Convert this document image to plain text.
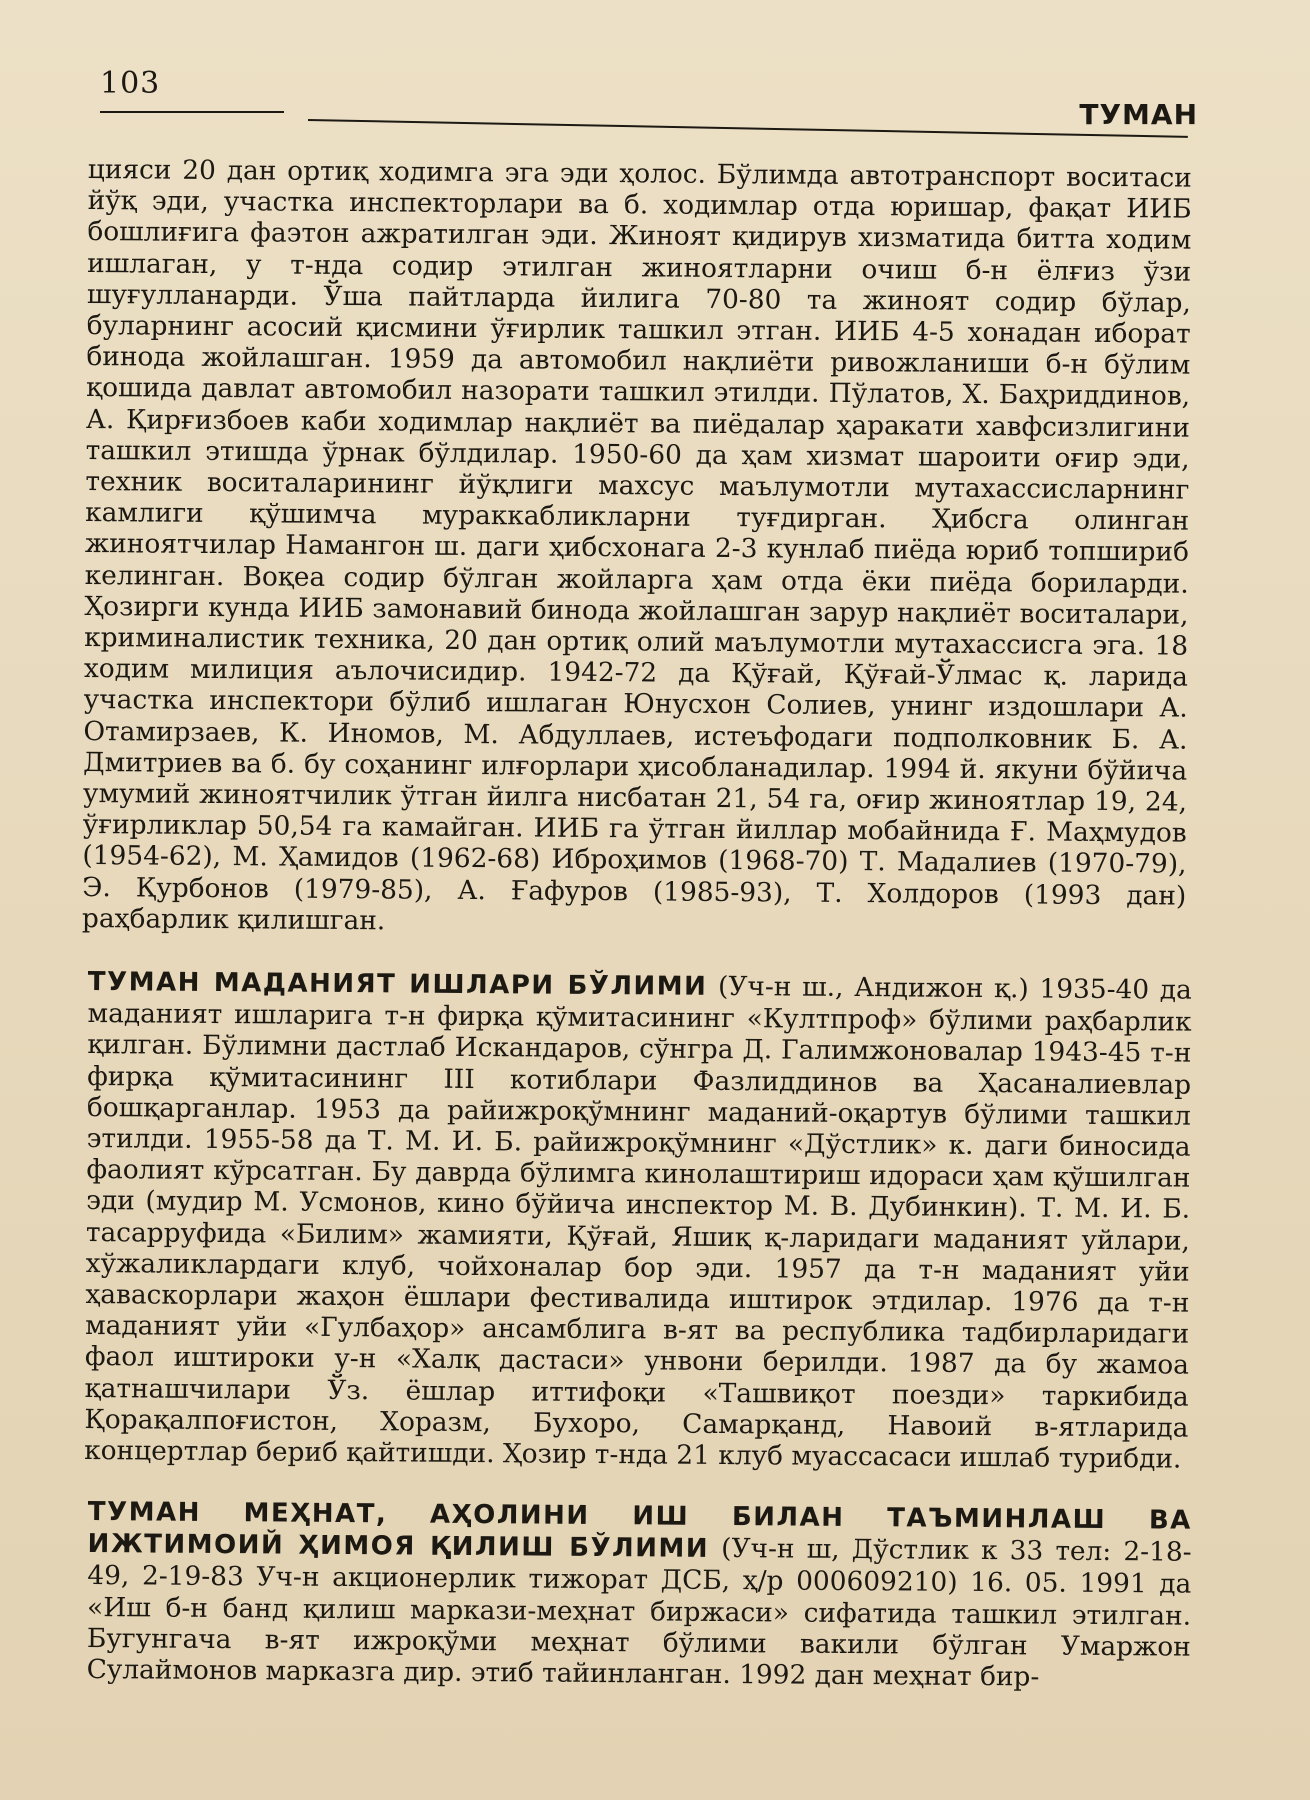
103
ТУМАН

цияси 20 дан ортиқ ходимга эга эди ҳолос. Бўлимда автотранспорт воситаси йўқ эди, участка инспекторлари ва б. ходимлар отда юришар, фақат ИИБ бошлиғига фаэтон ажратилган эди. Жиноят қидирув хизматида битта ходим ишлаган, у т-нда содир этилган жиноятларни очиш б-н ёлғиз ўзи шуғулланарди. Ўша пайтларда йилига 70-80 та жиноят содир бўлар, буларнинг асосий қисмини ўғирлик ташкил этган. ИИБ 4-5 хонадан иборат бинода жойлашган. 1959 да автомобил нақлиёти ривожланиши б-н бўлим қошида давлат автомобил назорати ташкил этилди. Пўлатов, Х. Баҳриддинов, А. Қирғизбоев каби ходимлар нақлиёт ва пиёдалар ҳаракати хавфсизлигини ташкил этишда ўрнак бўлдилар. 1950-60 да ҳам хизмат шароити оғир эди, техник воситаларининг йўқлиги махсус маълумотли мутахассисларнинг камлиги қўшимча мураккабликларни туғдирган. Ҳибсга олинган жиноятчилар Намангон ш. даги ҳибсхонага 2-3 кунлаб пиёда юриб топшириб келинган. Воқеа содир бўлган жойларга ҳам отда ёки пиёда бориларди. Ҳозирги кунда ИИБ замонавий бинода жойлашган зарур нақлиёт воситалари, криминалистик техника, 20 дан ортиқ олий маълумотли мутахассисга эга. 18 ходим милиция аълочисидир. 1942-72 да Қўғай, Қўғай-Ўлмас қ. ларида участка инспектори бўлиб ишлаган Юнусхон Солиев, унинг издошлари А. Отамирзаев, К. Иномов, М. Абдуллаев, истеъфодаги подполковник Б. А. Дмитриев ва б. бу соҳанинг илғорлари ҳисобланадилар. 1994 й. якуни бўйича умумий жиноятчилик ўтган йилга нисбатан 21, 54 га, оғир жиноятлар 19, 24, ўғирликлар 50,54 га камайган. ИИБ га ўтган йиллар мобайнида Ғ. Маҳмудов (1954-62), М. Ҳамидов (1962-68) Иброҳимов (1968-70) Т. Мадалиев (1970-79), Э. Қурбонов (1979-85), А. Ғафуров (1985-93), Т. Холдоров (1993 дан) раҳбарлик қилишган.

ТУМАН МАДАНИЯТ ИШЛАРИ БЎЛИМИ (Уч-н ш., Андижон қ.) 1935-40 да маданият ишларига т-н фирқа қўмитасининг «Култпроф» бўлими раҳбарлик қилган. Бўлимни дастлаб Искандаров, сўнгра Д. Галимжоновалар 1943-45 т-н фирқа қўмитасининг III котиблари Фазлиддинов ва Ҳасаналиевлар бошқарганлар. 1953 да райижроқўмнинг маданий-оқартув бўлими ташкил этилди. 1955-58 да Т. М. И. Б. райижроқўмнинг «Дўстлик» к. даги биносида фаолият кўрсатган. Бу даврда бўлимга кинолаштириш идораси ҳам қўшилган эди (мудир М. Усмонов, кино бўйича инспектор М. В. Дубинкин). Т. М. И. Б. тасарруфида «Билим» жамияти, Қўғай, Яшиқ қ-ларидаги маданият уйлари, хўжаликлардаги клуб, чойхоналар бор эди. 1957 да т-н маданият уйи ҳаваскорлари жаҳон ёшлари фестивалида иштирок этдилар. 1976 да т-н маданият уйи «Гулбаҳор» ансамблига в-ят ва республика тадбирларидаги фаол иштироки у-н «Халқ дастаси» унвони берилди. 1987 да бу жамоа қатнашчилари Ўз. ёшлар иттифоқи «Ташвиқот поезди» таркибида Қорақалпоғистон, Хоразм, Бухоро, Самарқанд, Навоий в-ятларида концертлар бериб қайтишди. Ҳозир т-нда 21 клуб муассасаси ишлаб турибди.

ТУМАН МЕҲНАТ, АҲОЛИНИ ИШ БИЛАН ТАЪМИНЛАШ ВА ИЖТИМОИЙ ҲИМОЯ ҚИЛИШ БЎЛИМИ (Уч-н ш, Дўстлик к 33 тел: 2-18-49, 2-19-83 Уч-н акционерлик тижорат ДСБ, ҳ/р 000609210) 16. 05. 1991 да «Иш б-н банд қилиш маркази-меҳнат биржаси» сифатида ташкил этилган. Бугунгача в-ят ижроқўми меҳнат бўлими вакили бўлган Умаржон Сулаймонов марказга дир. этиб тайинланган. 1992 дан меҳнат бир-
